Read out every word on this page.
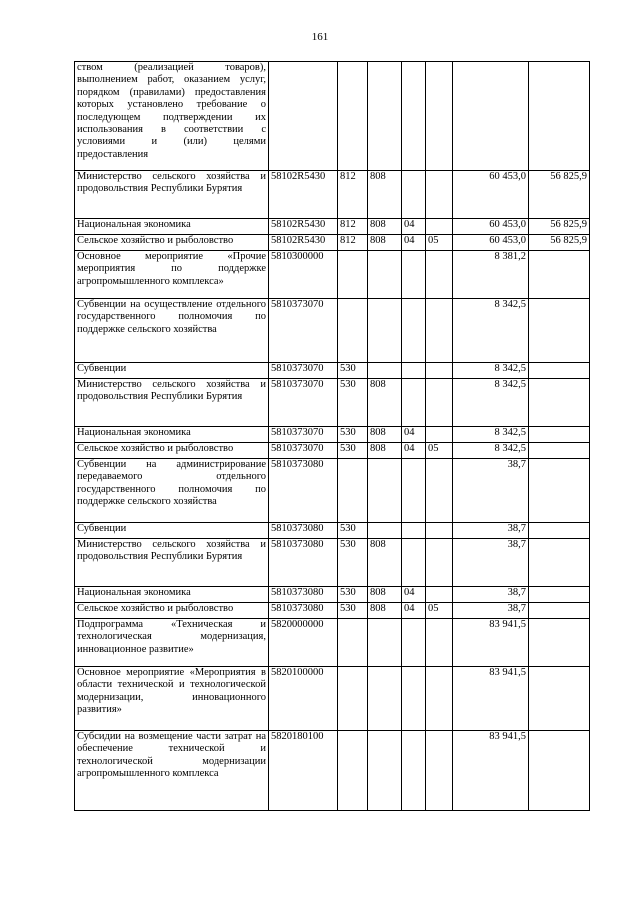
161
ством (реализацией товаров), выполнением работ, оказанием услуг, порядком (правилами) предоставления которых установлено требование о последующем подтверждении их использования в соответствии с условиями и (или) целями предоставления							
Министерство сельского хозяйства и продовольствия Республики Бурятия	58102R5430	812	808			60 453,0	56 825,9
Национальная экономика	58102R5430	812	808	04		60 453,0	56 825,9
Сельское хозяйство и рыболовство	58102R5430	812	808	04	05	60 453,0	56 825,9
Основное мероприятие «Прочие мероприятия по поддержке агропромышленного комплекса»	5810300000					8 381,2	
Субвенции на осуществление отдельного государственного полномочия по поддержке сельского хозяйства	5810373070					8 342,5	
Субвенции	5810373070	530				8 342,5	
Министерство сельского хозяйства и продовольствия Республики Бурятия	5810373070	530	808			8 342,5	
Национальная экономика	5810373070	530	808	04		8 342,5	
Сельское хозяйство и рыболовство	5810373070	530	808	04	05	8 342,5	
Субвенции на администрирование передаваемого отдельного государственного полномочия по поддержке сельского хозяйства	5810373080					38,7	
Субвенции	5810373080	530				38,7	
Министерство сельского хозяйства и продовольствия Республики Бурятия	5810373080	530	808			38,7	
Национальная экономика	5810373080	530	808	04		38,7	
Сельское хозяйство и рыболовство	5810373080	530	808	04	05	38,7	
Подпрограмма «Техническая и технологическая модернизация, инновационное развитие»	5820000000					83 941,5	
Основное мероприятие «Мероприятия в области технической и технологической модернизации, инновационного развития»	5820100000					83 941,5	
Субсидии на возмещение части затрат на обеспечение технической и технологической модернизации агропромышленного комплекса	5820180100					83 941,5	
